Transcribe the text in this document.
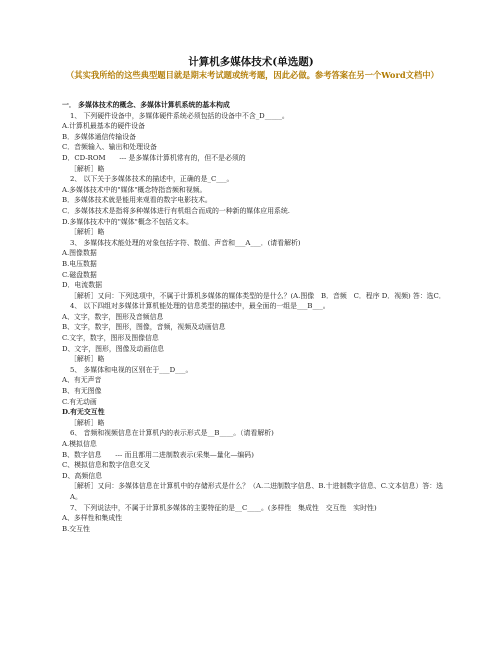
计算机多媒体技术(单选题)
（其实我所给的这些典型题目就是期末考试题或统考题，因此必做。参考答案在另一个Word文档中）
一． 多媒体技术的概念、多媒体计算机系统的基本构成
1、 下列硬件设备中，多媒体硬件系统必须包括的设备中不含_D_____。
A.计算机最基本的硬件设备
B．多媒体通信传输设备
C．音频输入、输出和处理设备
D．CD-ROM　　--- 是多媒体计算机常有的，但不是必须的
［解析］略
2、 以下关于多媒体技术的描述中，正确的是_C___。
A.多媒体技术中的"媒体"概念特指音频和视频。
B．多媒体技术就是能用来观看的数字电影技术。
C．多媒体技术是指将多种媒体进行有机组合而成的一种新的媒体应用系统.
D.多媒体技术中的"媒体"概念不包括文本。
［解析］略
3、 多媒体技术能处理的对象包括字符、数值、声音和___A___．(请看解析)
A.图像数据
B.电压数据
C.磁盘数据
D．电流数据
［解析］又问：下列选项中，不属于计算机多媒体的媒体类型的是什么？(A.图像　B．音频　C．程序 D．视频) 答：选C．
4、 以下四组对多媒体计算机能处理的信息类型的描述中，最全面的一组是___B___。
A、文字，数字，图形及音频信息
B、文字，数字，图形，图像，音频，视频及动画信息
C.文字，数字，图形及图像信息
D、文字，图形，图像及动画信息
［解析］略
5、 多媒体和电视的区别在于___D___。
A、有无声音
B、有无图像
C.有无动画
D.有无交互性
［解析］略
6、 音频和视频信息在计算机内的表示形式是__B____。（请看解析)
A.模拟信息
B、数字信息　　--- 而且都用二进制数表示(采集—量化—编码)
C、模拟信息和数字信息交叉
D、高频信息
［解析］又问：多媒体信息在计算机中的存储形式是什么？（A.二进制数字信息、B.十进制数字信息、C.文本信息）答：选A。
7、 下列说法中，不属于计算机多媒体的主要特征的是__C____。(多样性　集成性　交互性　实时性)
A、多样性和集成性
B.交互性
